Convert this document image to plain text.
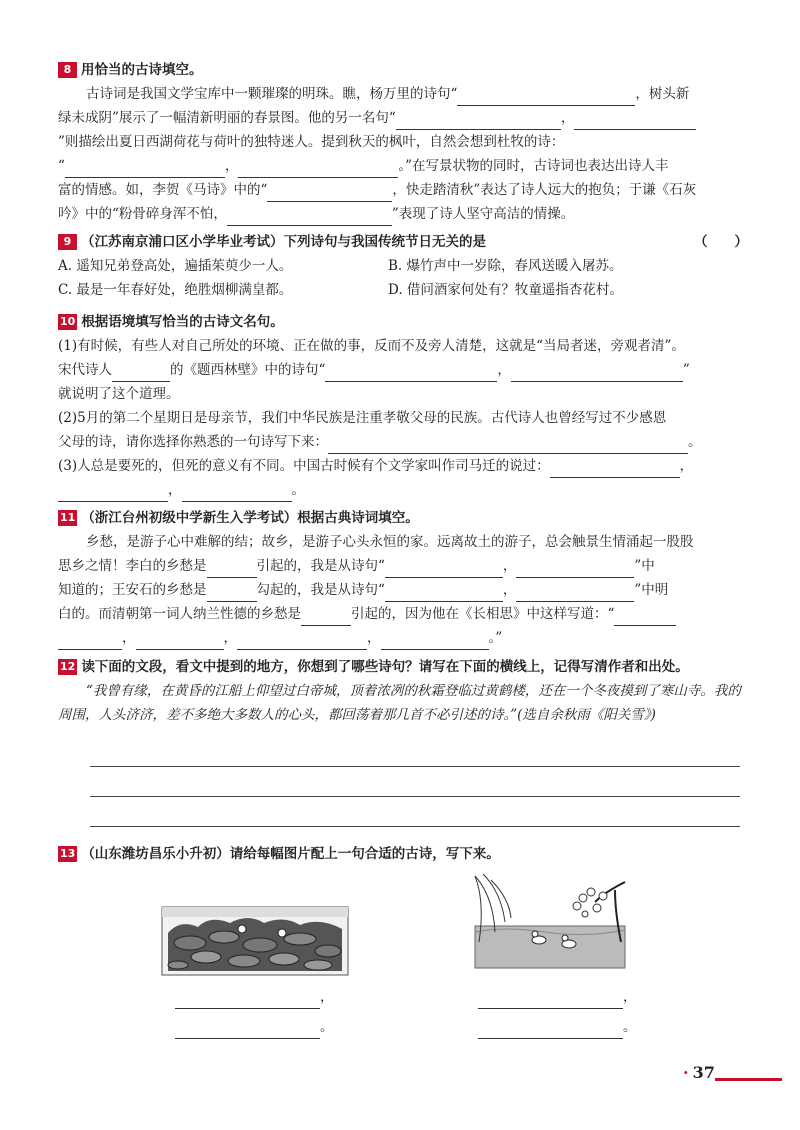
8 用恰当的古诗填空。
古诗词是我国文学宝库中一颗璀璨的明珠。瞧，杨万里的诗句“	，树头新
绿未成阴”展示了一幅清新明丽的春景图。他的另一名句“	，
”则描绘出夏日西湖荷花与荷叶的独特迷人。提到秋天的枫叶，自然会想到杜牧的诗：
“	，	。”在写景状物的同时，古诗词也表达出诗人丰
富的情感。如，李贺《马诗》中的“	，快走踏清秋”表达了诗人远大的抱负；于谦《石灰
吟》中的“粉骨碎身浑不怕，	”表现了诗人坚守高洁的情操。
9 （江苏南京浦口区小学毕业考试）下列诗句与我国传统节日无关的是	（　　）
A. 遥知兄弟登高处，遍插茱萸少一人。	B. 爆竹声中一岁除，春风送暖入屠苏。
C. 最是一年春好处，绝胜烟柳满皇都。	D. 借问酒家何处有？牧童遥指杏花村。
10 根据语境填写恰当的古诗文名句。
(1)有时候，有些人对自己所处的环境、正在做的事，反而不及旁人清楚，这就是“当局者迷，旁观者清”。
宋代诗人	的《题西林壁》中的诗句“	，	”
就说明了这个道理。
(2)5月的第二个星期日是母亲节，我们中华民族是注重孝敬父母的民族。古代诗人也曾经写过不少感恩
父母的诗，请你选择你熟悉的一句诗写下来：	。
(3)人总是要死的，但死的意义有不同。中国古时候有个文学家叫作司马迁的说过：	，
，	。
11 （浙江台州初级中学新生入学考试）根据古典诗词填空。
乡愁，是游子心中难解的结；故乡，是游子心头永恒的家。远离故土的游子，总会触景生情涌起一股股
思乡之情！李白的乡愁是	引起的，我是从诗句“	，	”中
知道的；王安石的乡愁是	勾起的，我是从诗句“	，	”中明
白的。而清朝第一词人纳兰性德的乡愁是	引起的，因为他在《长相思》中这样写道：“
，	，	，	。”
12 读下面的文段，看文中提到的地方，你想到了哪些诗句？请写在下面的横线上，记得写清作者和出处。
“我曾有缘，在黄昏的江船上仰望过白帝城，顶着浓冽的秋霜登临过黄鹤楼，还在一个冬夜摸到了寒山寺。我的周围，人头济济，差不多绝大多数人的心头，都回荡着那几首不必引述的诗。”(选自余秋雨《阳关雪》)
13 （山东潍坊昌乐小升初）请给每幅图片配上一句合适的古诗，写下来。
，
。
，
。
· 37
